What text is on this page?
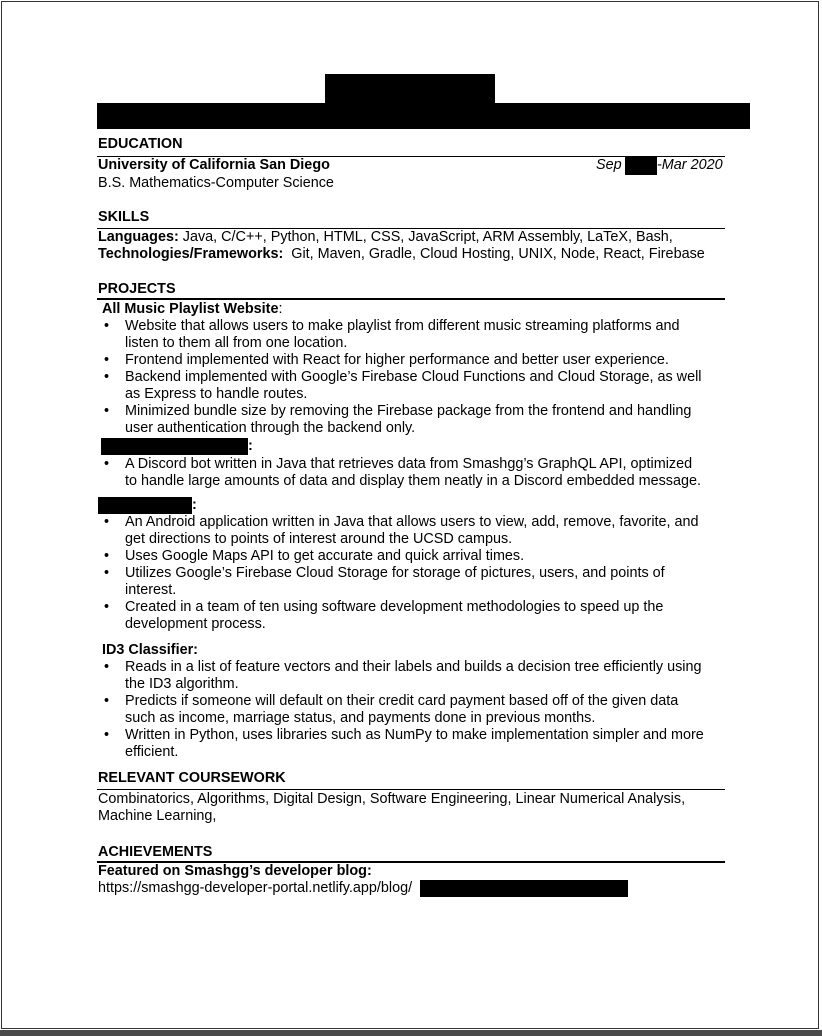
EDUCATION
University of California San Diego	Sep -Mar 2020
B.S. Mathematics-Computer Science
SKILLS
Languages: Java, C/C++, Python, HTML, CSS, JavaScript, ARM Assembly, LaTeX, Bash,
Technologies/Frameworks:  Git, Maven, Gradle, Cloud Hosting, UNIX, Node, React, Firebase
PROJECTS
All Music Playlist Website:
• Website that allows users to make playlist from different music streaming platforms and
listen to them all from one location.
• Frontend implemented with React for higher performance and better user experience.
• Backend implemented with Google’s Firebase Cloud Functions and Cloud Storage, as well
as Express to handle routes.
• Minimized bundle size by removing the Firebase package from the frontend and handling
user authentication through the backend only.
:
• A Discord bot written in Java that retrieves data from Smashgg’s GraphQL API, optimized
to handle large amounts of data and display them neatly in a Discord embedded message.
:
• An Android application written in Java that allows users to view, add, remove, favorite, and
get directions to points of interest around the UCSD campus.
• Uses Google Maps API to get accurate and quick arrival times.
• Utilizes Google’s Firebase Cloud Storage for storage of pictures, users, and points of
interest.
• Created in a team of ten using software development methodologies to speed up the
development process.
ID3 Classifier:
• Reads in a list of feature vectors and their labels and builds a decision tree efficiently using
the ID3 algorithm.
• Predicts if someone will default on their credit card payment based off of the given data
such as income, marriage status, and payments done in previous months.
• Written in Python, uses libraries such as NumPy to make implementation simpler and more
efficient.
RELEVANT COURSEWORK
Combinatorics, Algorithms, Digital Design, Software Engineering, Linear Numerical Analysis,
Machine Learning,
ACHIEVEMENTS
Featured on Smashgg’s developer blog:
https://smashgg-developer-portal.netlify.app/blog/
